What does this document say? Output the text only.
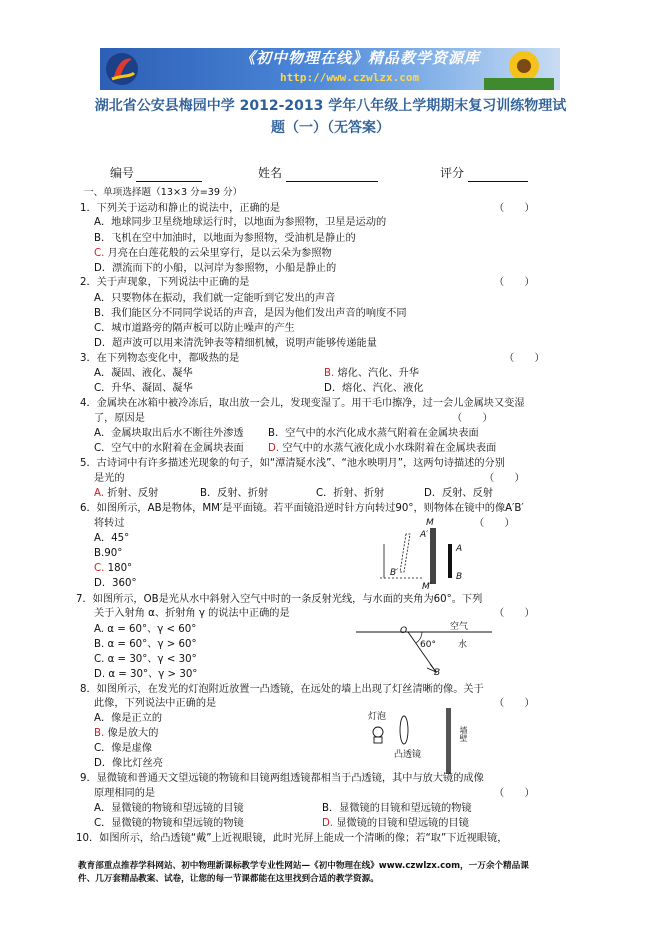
《初中物理在线》精品教学资源库
http://www.czwlzx.com
湖北省公安县梅园中学 2012-2013 学年八年级上学期期末复习训练物理试
题（一）（无答案）
编号	姓名	评分
一、单项选择题（13×3 分=39 分）
1．下列关于运动和静止的说法中，正确的是	（　　）
A．地球同步卫星绕地球运行时，以地面为参照物，卫星是运动的
B．飞机在空中加油时，以地面为参照物，受油机是静止的
C. 月亮在白莲花般的云朵里穿行，是以云朵为参照物
D．漂流而下的小船，以河岸为参照物，小船是静止的
2．关于声现象，下列说法中正确的是	（　　）
A．只要物体在振动，我们就一定能听到它发出的声音
B．我们能区分不同同学说话的声音，是因为他们发出声音的响度不同
C．城市道路旁的隔声板可以防止噪声的产生
D．超声波可以用来清洗钟表等精细机械，说明声能够传递能量
3．在下列物态变化中，都吸热的是	（　　）
A．凝固、液化、凝华	B. 熔化、汽化、升华
C．升华、凝固、凝华	D．熔化、汽化、液化
4．金属块在冰箱中被冷冻后，取出放一会儿，发现变湿了。用干毛巾擦净，过一会儿金属块又变湿
了，原因是	（　　）
A．金属块取出后水不断往外渗透 B．空气中的水汽化成水蒸气附着在金属块表面
C．空气中的水附着在金属块表面 D. 空气中的水蒸气液化成小水珠附着在金属块表面
5．古诗词中有许多描述光现象的句子，如“潭清疑水浅”、“池水映明月”，这两句诗描述的分别
是光的	（　　）
A. 折射、反射	B．反射、折射	C．折射、折射	D．反射、反射
6．如图所示，AB是物体，MM′是平面镜。若平面镜沿逆时针方向转过90°，则物体在镜中的像A′B′
将转过	（　　）
A．45°
B.90°
C. 180°
D．360°
A′
B′
M
M′
A
B
7．如图所示，OB是光从水中斜射入空气中时的一条反射光线，与水面的夹角为60°。下列
关于入射角 α、折射角 γ 的说法中正确的是	（　　）
A. α = 60°、γ < 60°
B. α = 60°、γ > 60°
C. α = 30°、γ < 30°
D. α = 30°、γ > 30°
O	空气
水
60°
B
8．如图所示，在发光的灯泡附近放置一凸透镜，在远处的墙上出现了灯丝清晰的像。关于
此像，下列说法中正确的是	（　　）
A．像是正立的
B. 像是放大的
C．像是虚像
D．像比灯丝亮
灯泡
凸透镜
墙壁
9．显微镜和普通天文望远镜的物镜和目镜两组透镜都相当于凸透镜，其中与放大镜的成像
原理相同的是	（　　）
A．显微镜的物镜和望远镜的目镜	B．显微镜的目镜和望远镜的物镜
C．显微镜的物镜和望远镜的物镜	D. 显微镜的目镜和望远镜的目镜
10．如图所示，给凸透镜“戴”上近视眼镜，此时光屏上能成一个清晰的像；若“取”下近视眼镜，
教育部重点推荐学科网站、初中物理新课标教学专业性网站—《初中物理在线》www.czwlzx.com，一万余个精品课
件、几万套精品教案、试卷，让您的每一节课都能在这里找到合适的教学资源。
